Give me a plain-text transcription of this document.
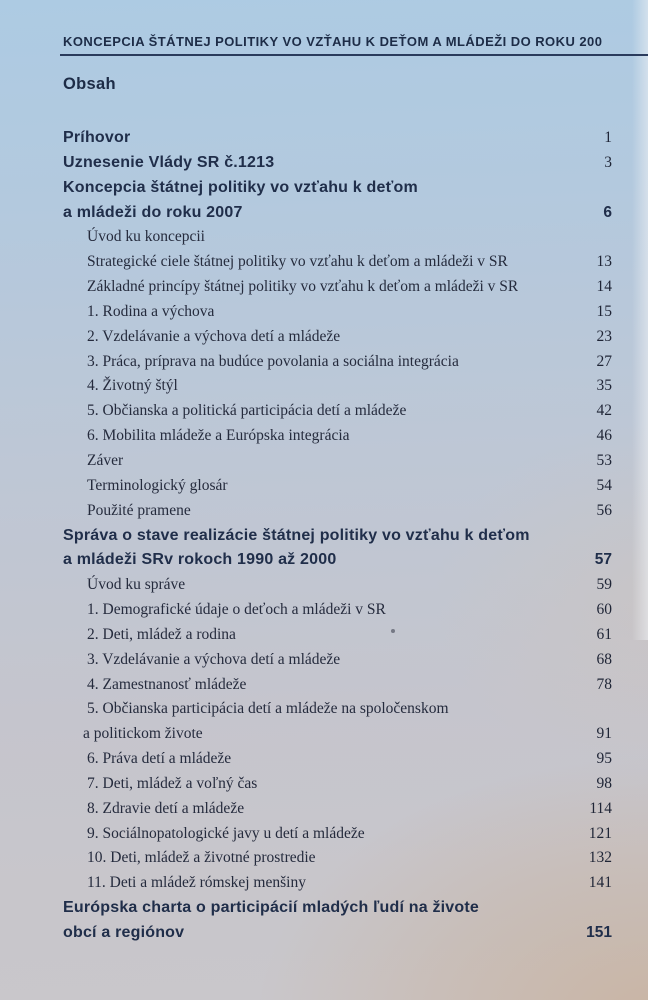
KONCEPCIA ŠTÁTNEJ POLITIKY VO VZŤAHU K DEŤOM A MLÁDEŽI DO ROKU 200
Obsah
Príhovor	1
Uznesenie Vlády SR č.1213	3
Koncepcia štátnej politiky vo vzťahu k deťom
a mládeži do roku 2007	6
Úvod ku koncepcii
Strategické ciele štátnej politiky vo vzťahu k deťom a mládeži v SR	13
Základné princípy štátnej politiky vo vzťahu k deťom a mládeži v SR	14
1. Rodina a výchova	15
2. Vzdelávanie a výchova detí a mládeže	23
3. Práca, príprava na budúce povolania a sociálna integrácia	27
4. Životný štýl	35
5. Občianska a politická participácia detí a mládeže	42
6. Mobilita mládeže a Európska integrácia	46
Záver	53
Terminologický glosár	54
Použité pramene	56
Správa o stave realizácie štátnej politiky vo vzťahu k deťom
a mládeži SRv rokoch 1990 až 2000	57
Úvod ku správe	59
1. Demografické údaje o deťoch a mládeži v SR	60
2. Deti, mládež a rodina	61
3. Vzdelávanie a výchova detí a mládeže	68
4. Zamestnanosť mládeže	78
5. Občianska participácia detí a mládeže na spoločenskom
a politickom živote	91
6. Práva detí a mládeže	95
7. Deti, mládež a voľný čas	98
8. Zdravie detí a mládeže	114
9. Sociálnopatologické javy u detí a mládeže	121
10. Deti, mládež a životné prostredie	132
11. Deti a mládež rómskej menšiny	141
Európska charta o participácií mladých ľudí na živote
obcí a regiónov	151
